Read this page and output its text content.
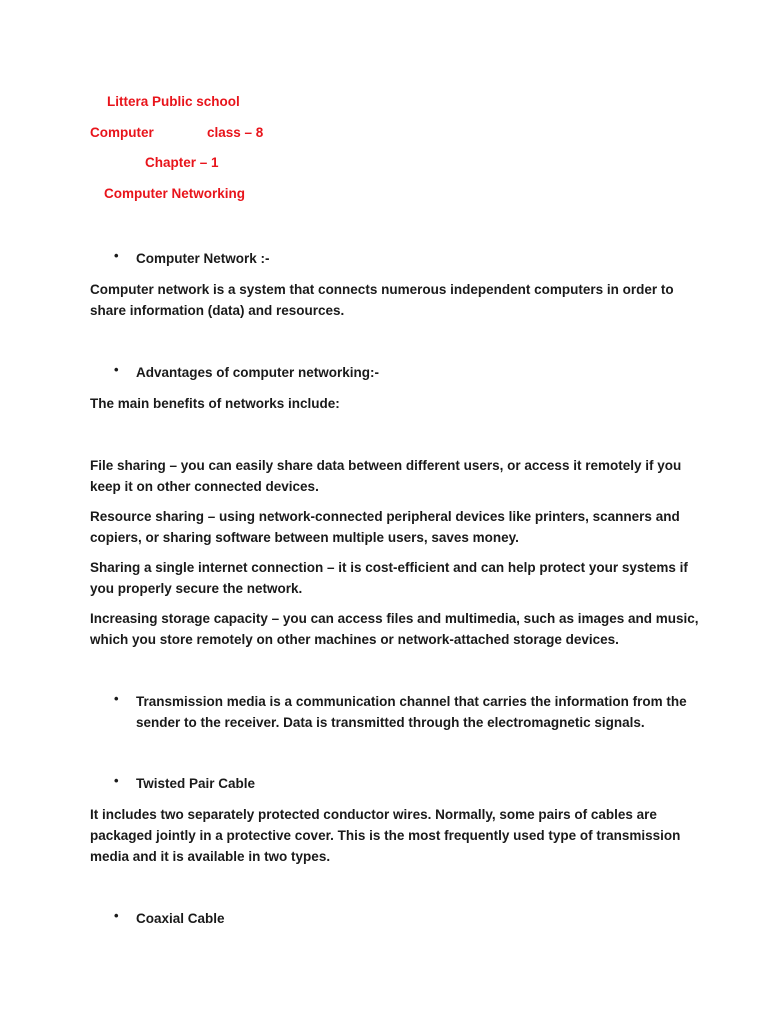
Littera Public school
Computer	class – 8
Chapter – 1
Computer Networking
• Computer Network :-
Computer network is a system that connects numerous independent computers in order to
share information (data) and resources.
• Advantages of computer networking:-
The main benefits of networks include:
File sharing – you can easily share data between different users, or access it remotely if you
keep it on other connected devices.
Resource sharing – using network-connected peripheral devices like printers, scanners and
copiers, or sharing software between multiple users, saves money.
Sharing a single internet connection – it is cost-efficient and can help protect your systems if
you properly secure the network.
Increasing storage capacity – you can access files and multimedia, such as images and music,
which you store remotely on other machines or network-attached storage devices.
• Transmission media is a communication channel that carries the information from the
sender to the receiver. Data is transmitted through the electromagnetic signals.
• Twisted Pair Cable
It includes two separately protected conductor wires. Normally, some pairs of cables are
packaged jointly in a protective cover. This is the most frequently used type of transmission
media and it is available in two types.
• Coaxial Cable
